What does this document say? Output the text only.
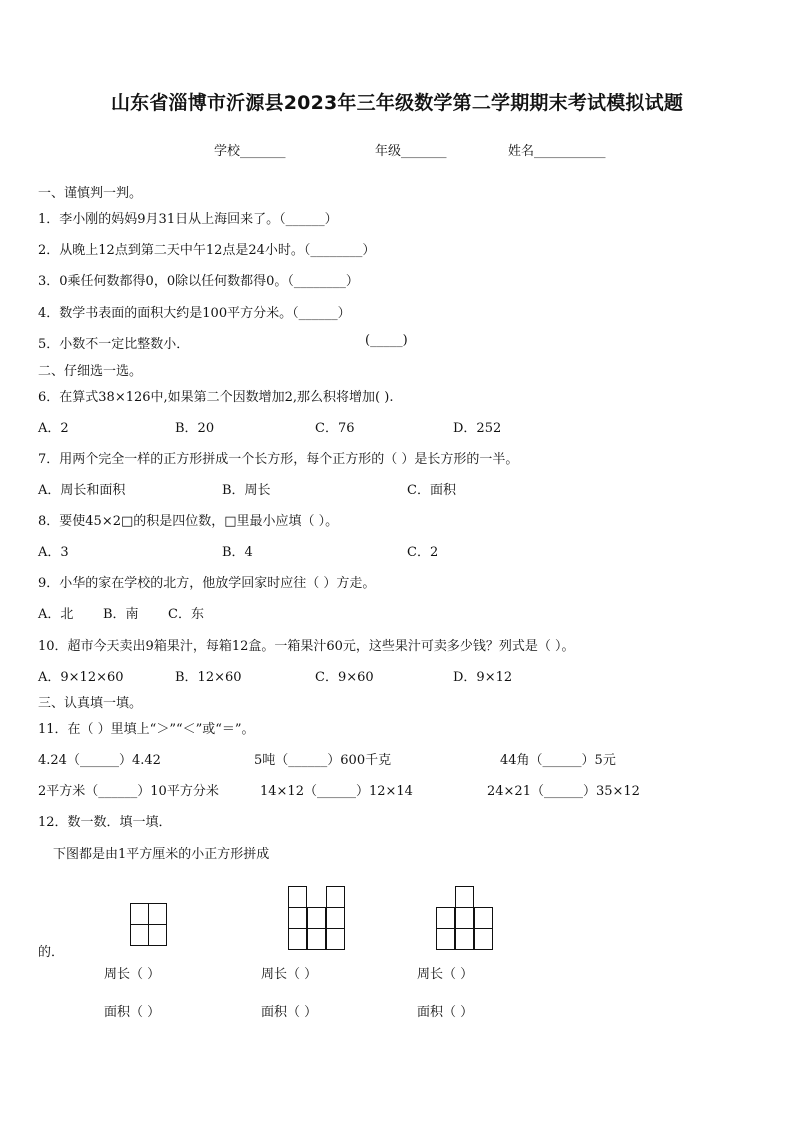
山东省淄博市沂源县2023年三年级数学第二学期期末考试模拟试题
学校_______	年级_______	姓名___________
一、谨慎判一判。
1．李小刚的妈妈9月31日从上海回来了。（______）
2．从晚上12点到第二天中午12点是24小时。（________）
3．0乘任何数都得0，0除以任何数都得0。（________）
4．数学书表面的面积大约是100平方分米。（______）
5．小数不一定比整数小．	(_____)
二、仔细选一选。
6．在算式38×126中,如果第二个因数增加2,那么积将增加( ).
A．2	B．20	C．76	D．252
7．用两个完全一样的正方形拼成一个长方形，每个正方形的（ ）是长方形的一半。
A．周长和面积	B．周长	C．面积
8．要使45×2□的积是四位数，□里最小应填（ ）。
A．3	B．4	C．2
9．小华的家在学校的北方，他放学回家时应往（ ）方走。
A．北 B．南 C．东
10．超市今天卖出9箱果汁，每箱12盒。一箱果汁60元，这些果汁可卖多少钱？列式是（ ）。
A．9×12×60	B．12×60	C．9×60	D．9×12
三、认真填一填。
11．在（ ）里填上“＞”“＜”或“＝”。
4.24（______）4.42	5吨（______）600千克	44角（______）5元
2平方米（______）10平方分米	14×12（______）12×14	24×21（______）35×12
12．数一数．填一填．
下图都是由1平方厘米的小正方形拼成
的．
周长（ ）	周长（ ）	周长（ ）
面积（ ）	面积（ ）	面积（ ）
